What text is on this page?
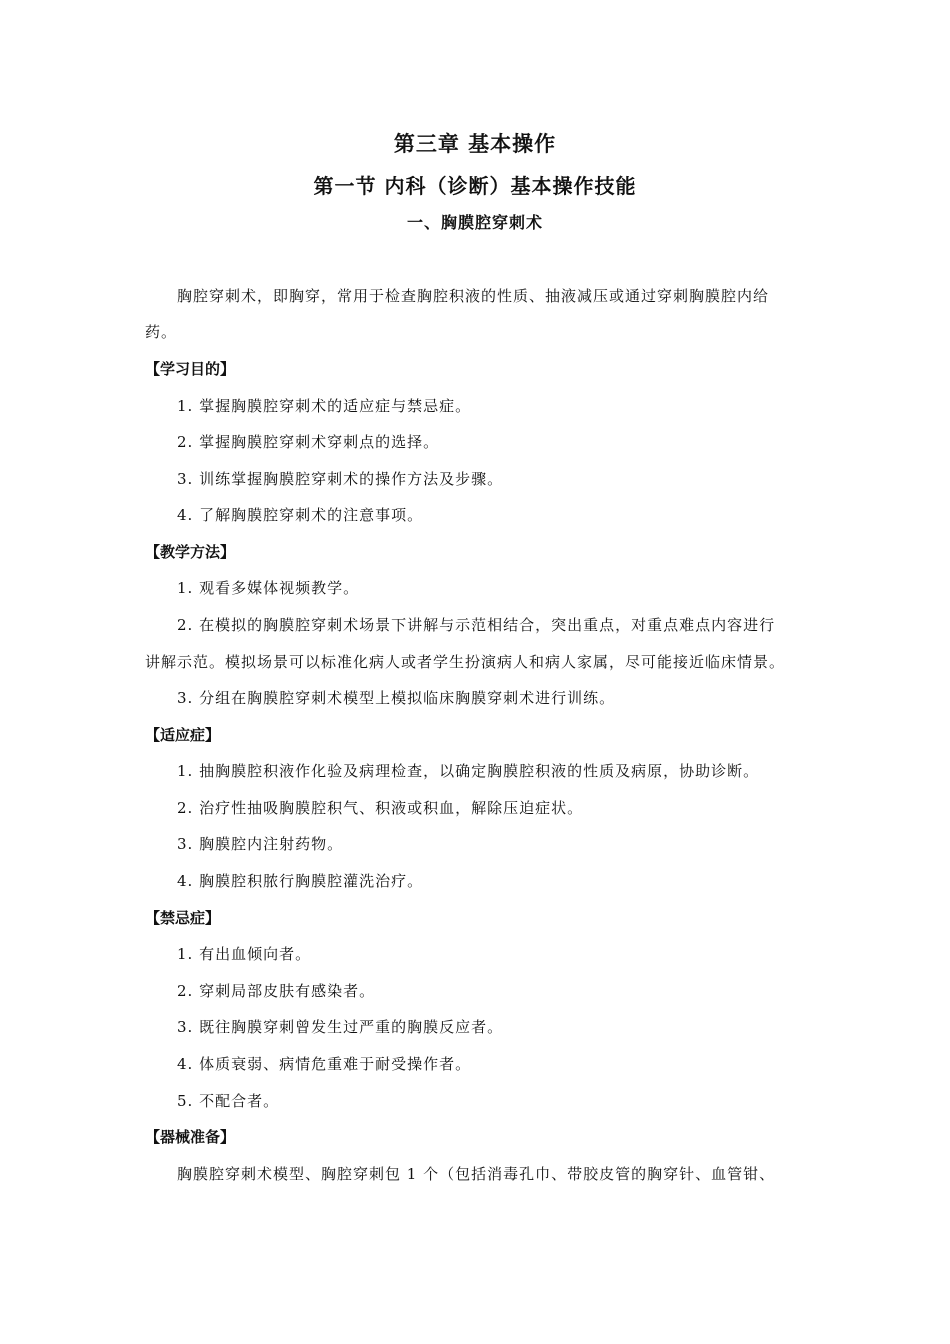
第三章 基本操作
第一节 内科（诊断）基本操作技能
一、胸膜腔穿刺术
胸腔穿刺术，即胸穿，常用于检查胸腔积液的性质、抽液减压或通过穿刺胸膜腔内给
药。
【学习目的】
1. 掌握胸膜腔穿刺术的适应症与禁忌症。
2. 掌握胸膜腔穿刺术穿刺点的选择。
3. 训练掌握胸膜腔穿刺术的操作方法及步骤。
4. 了解胸膜腔穿刺术的注意事项。
【教学方法】
1. 观看多媒体视频教学。
2. 在模拟的胸膜腔穿刺术场景下讲解与示范相结合，突出重点，对重点难点内容进行
讲解示范。模拟场景可以标准化病人或者学生扮演病人和病人家属，尽可能接近临床情景。
3. 分组在胸膜腔穿刺术模型上模拟临床胸膜穿刺术进行训练。
【适应症】
1. 抽胸膜腔积液作化验及病理检查，以确定胸膜腔积液的性质及病原，协助诊断。
2. 治疗性抽吸胸膜腔积气、积液或积血，解除压迫症状。
3. 胸膜腔内注射药物。
4. 胸膜腔积脓行胸膜腔灌洗治疗。
【禁忌症】
1. 有出血倾向者。
2. 穿刺局部皮肤有感染者。
3. 既往胸膜穿刺曾发生过严重的胸膜反应者。
4. 体质衰弱、病情危重难于耐受操作者。
5. 不配合者。
【器械准备】
胸膜腔穿刺术模型、胸腔穿刺包 1 个（包括消毒孔巾、带胶皮管的胸穿针、血管钳、
